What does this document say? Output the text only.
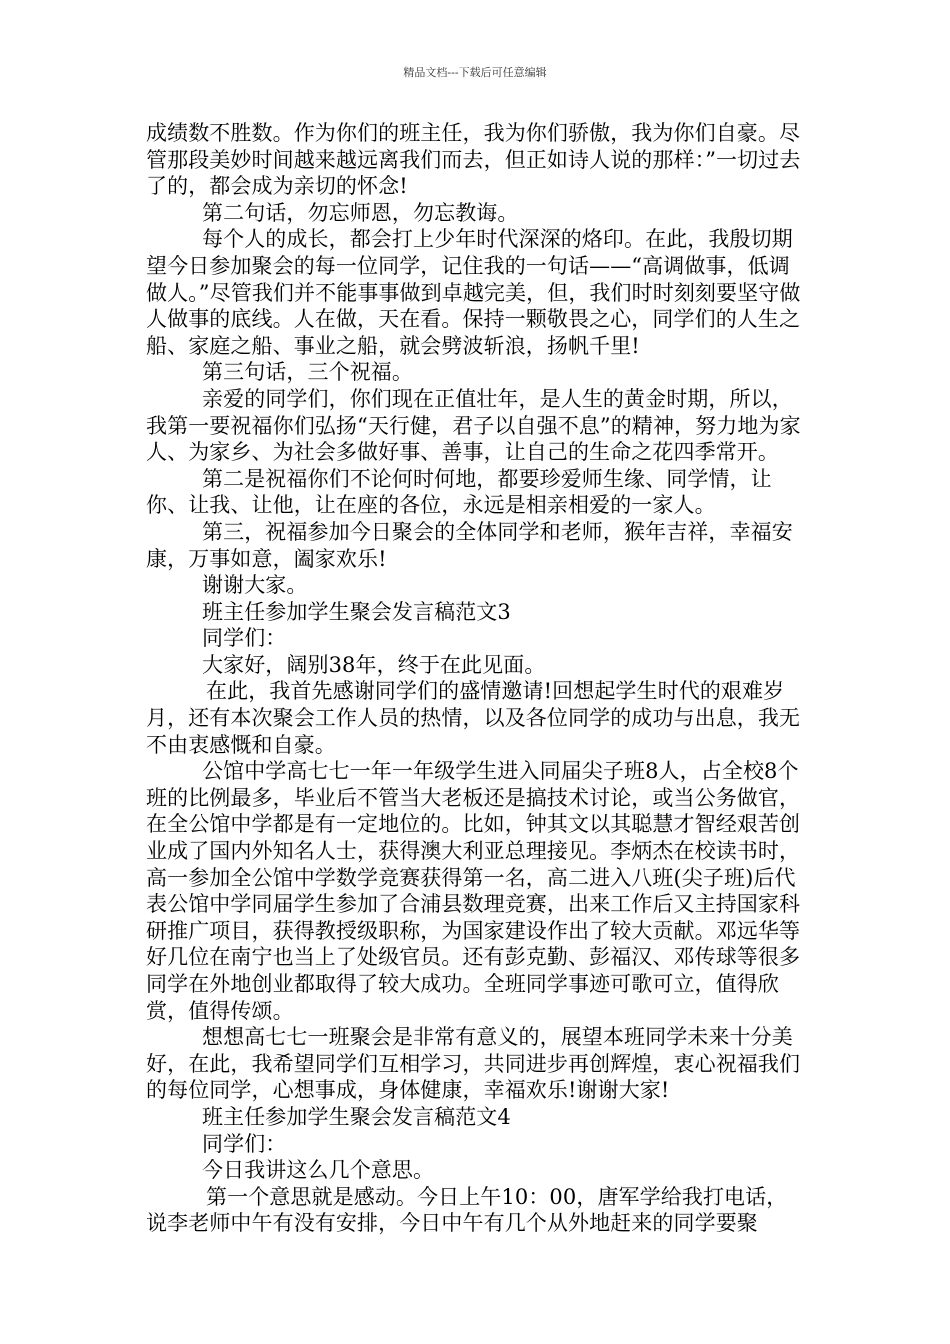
精品文档---下载后可任意编辑

成绩数不胜数。作为你们的班主任，我为你们骄傲，我为你们自豪。尽管那段美妙时间越来越远离我们而去，但正如诗人说的那样：”一切过去了的，都会成为亲切的怀念!

第二句话，勿忘师恩，勿忘教诲。

每个人的成长，都会打上少年时代深深的烙印。在此，我殷切期望今日参加聚会的每一位同学，记住我的一句话——“高调做事，低调做人。”尽管我们并不能事事做到卓越完美，但，我们时时刻刻要坚守做人做事的底线。人在做，天在看。保持一颗敬畏之心，同学们的人生之船、家庭之船、事业之船，就会劈波斩浪，扬帆千里!

第三句话，三个祝福。

亲爱的同学们，你们现在正值壮年，是人生的黄金时期，所以，我第一要祝福你们弘扬“天行健，君子以自强不息”的精神，努力地为家人、为家乡、为社会多做好事、善事，让自己的生命之花四季常开。

第二是祝福你们不论何时何地，都要珍爱师生缘、同学情，让你、让我、让他，让在座的各位，永远是相亲相爱的一家人。

第三，祝福参加今日聚会的全体同学和老师，猴年吉祥，幸福安康，万事如意，阖家欢乐!

谢谢大家。

班主任参加学生聚会发言稿范文3

同学们：

大家好，阔别38年，终于在此见面。

在此，我首先感谢同学们的盛情邀请!回想起学生时代的艰难岁月，还有本次聚会工作人员的热情，以及各位同学的成功与出息，我无不由衷感慨和自豪。

公馆中学高七七一年一年级学生进入同届尖子班8人，占全校8个班的比例最多，毕业后不管当大老板还是搞技术讨论，或当公务做官，在全公馆中学都是有一定地位的。比如，钟其文以其聪慧才智经艰苦创业成了国内外知名人士，获得澳大利亚总理接见。李炳杰在校读书时，高一参加全公馆中学数学竞赛获得第一名，高二进入八班(尖子班)后代表公馆中学同届学生参加了合浦县数理竞赛，出来工作后又主持国家科研推广项目，获得教授级职称，为国家建设作出了较大贡献。邓远华等好几位在南宁也当上了处级官员。还有彭克勤、彭福汉、邓传球等很多同学在外地创业都取得了较大成功。全班同学事迹可歌可立，值得欣赏，值得传颂。

想想高七七一班聚会是非常有意义的，展望本班同学未来十分美好，在此，我希望同学们互相学习，共同进步再创辉煌，衷心祝福我们的每位同学，心想事成，身体健康，幸福欢乐!谢谢大家!

班主任参加学生聚会发言稿范文4

同学们：

今日我讲这么几个意思。

第一个意思就是感动。今日上午10：00，唐军学给我打电话，说李老师中午有没有安排，今日中午有几个从外地赶来的同学要聚
